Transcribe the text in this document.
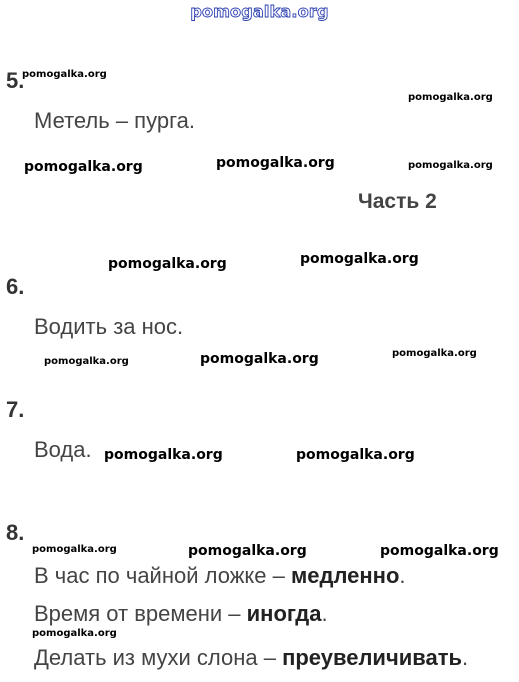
pomogalka.org
5.
Метель – пурга.
Часть 2
6.
Водить за нос.
7.
Вода.
8.
В час по чайной ложке – медленно.
Время от времени – иногда.
Делать из мухи слона – преувеличивать.
pomogalka.org
pomogalka.org
pomogalka.org	pomogalka.org	pomogalka.org
pomogalka.org	pomogalka.org
pomogalka.org	pomogalka.org	pomogalka.org
pomogalka.org	pomogalka.org
pomogalka.org	pomogalka.org	pomogalka.org
pomogalka.org
